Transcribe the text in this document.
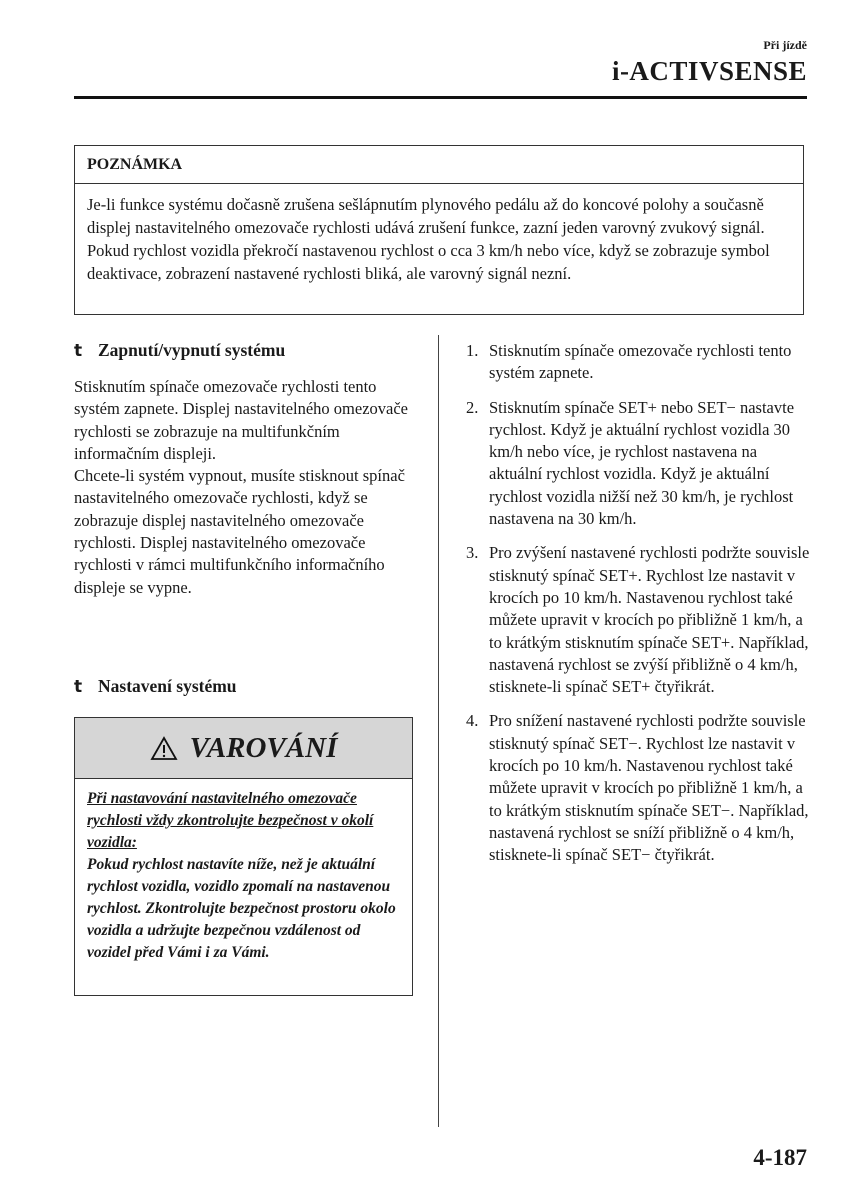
Při jízdě
i-ACTIVSENSE
POZNÁMKA
Je-li funkce systému dočasně zrušena sešlápnutím plynového pedálu až do koncové polohy a současně displej nastavitelného omezovače rychlosti udává zrušení funkce, zazní jeden varovný zvukový signál. Pokud rychlost vozidla překročí nastavenou rychlost o cca 3 km/h nebo více, když se zobrazuje symbol deaktivace, zobrazení nastavené rychlosti bliká, ale varovný signál nezní.
t Zapnutí/vypnutí systému
Stisknutím spínače omezovače rychlosti tento systém zapnete. Displej nastavitelného omezovače rychlosti se zobrazuje na multifunkčním informačním displeji.
Chcete-li systém vypnout, musíte stisknout spínač nastavitelného omezovače rychlosti, když se zobrazuje displej nastavitelného omezovače rychlosti. Displej nastavitelného omezovače rychlosti v rámci multifunkčního informačního displeje se vypne.
t Nastavení systému
VAROVÁNÍ
Při nastavování nastavitelného omezovače rychlosti vždy zkontrolujte bezpečnost v okolí vozidla:
Pokud rychlost nastavíte níže, než je aktuální rychlost vozidla, vozidlo zpomalí na nastavenou rychlost. Zkontrolujte bezpečnost prostoru okolo vozidla a udržujte bezpečnou vzdálenost od vozidel před Vámi i za Vámi.
1. Stisknutím spínače omezovače rychlosti tento systém zapnete.
2. Stisknutím spínače SET+ nebo SET− nastavte rychlost. Když je aktuální rychlost vozidla 30 km/h nebo více, je rychlost nastavena na aktuální rychlost vozidla. Když je aktuální rychlost vozidla nižší než 30 km/h, je rychlost nastavena na 30 km/h.
3. Pro zvýšení nastavené rychlosti podržte souvisle stisknutý spínač SET+. Rychlost lze nastavit v krocích po 10 km/h. Nastavenou rychlost také můžete upravit v krocích po přibližně 1 km/h, a to krátkým stisknutím spínače SET+. Například, nastavená rychlost se zvýší přibližně o 4 km/h, stisknete-li spínač SET+ čtyřikrát.
4. Pro snížení nastavené rychlosti podržte souvisle stisknutý spínač SET−. Rychlost lze nastavit v krocích po 10 km/h. Nastavenou rychlost také můžete upravit v krocích po přibližně 1 km/h, a to krátkým stisknutím spínače SET−. Například, nastavená rychlost se sníží přibližně o 4 km/h, stisknete-li spínač SET− čtyřikrát.
4-187
